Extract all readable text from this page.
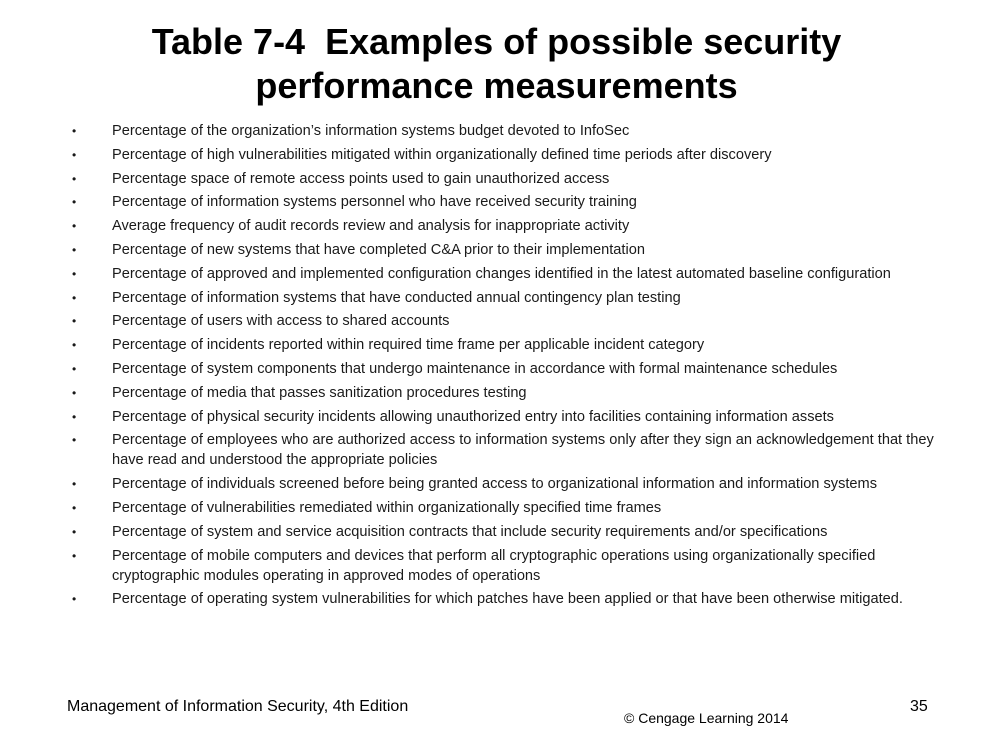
Table 7-4 Examples of possible security
performance measurements
•	Percentage of the organization’s information systems budget devoted to InfoSec
•	Percentage of high vulnerabilities mitigated within organizationally defined time periods after discovery
•	Percentage space of remote access points used to gain unauthorized access
•	Percentage of information systems personnel who have received security training
•	Average frequency of audit records review and analysis for inappropriate activity
•	Percentage of new systems that have completed C&A prior to their implementation
•	Percentage of approved and implemented configuration changes identified in the latest automated baseline configuration
•	Percentage of information systems that have conducted annual contingency plan testing
•	Percentage of users with access to shared accounts
•	Percentage of incidents reported within required time frame per applicable incident category
•	Percentage of system components that undergo maintenance in accordance with formal maintenance schedules
•	Percentage of media that passes sanitization procedures testing
•	Percentage of physical security incidents allowing unauthorized entry into facilities containing information assets
•	Percentage of employees who are authorized access to information systems only after they sign an acknowledgement that they have read and understood the appropriate policies
•	Percentage of individuals screened before being granted access to organizational information and information systems
•	Percentage of vulnerabilities remediated within organizationally specified time frames
•	Percentage of system and service acquisition contracts that include security requirements and/or specifications
•	Percentage of mobile computers and devices that perform all cryptographic operations using organizationally specified cryptographic modules operating in approved modes of operations
•	Percentage of operating system vulnerabilities for which patches have been applied or that have been otherwise mitigated.
Management of Information Security, 4th Edition	35
© Cengage Learning 2014
